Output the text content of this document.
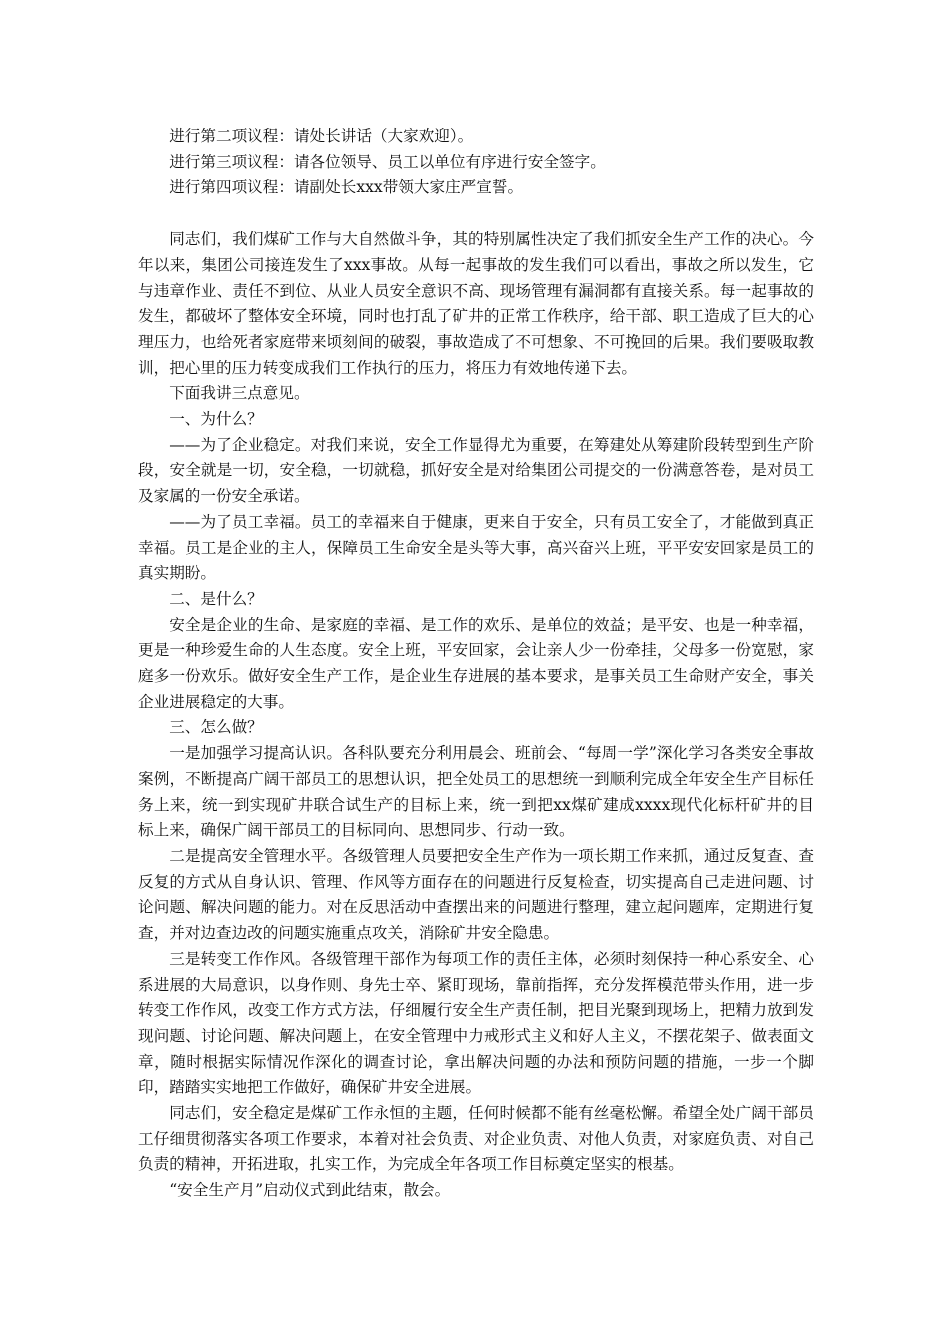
进行第二项议程：请处长讲话（大家欢迎）。

进行第三项议程：请各位领导、员工以单位有序进行安全签字。

进行第四项议程：请副处长xxx带领大家庄严宣誓。

同志们，我们煤矿工作与大自然做斗争，其的特别属性决定了我们抓安全生产工作的决心。今年以来，集团公司接连发生了xxx事故。从每一起事故的发生我们可以看出，事故之所以发生，它与违章作业、责任不到位、从业人员安全意识不高、现场管理有漏洞都有直接关系。每一起事故的发生，都破坏了整体安全环境，同时也打乱了矿井的正常工作秩序，给干部、职工造成了巨大的心理压力，也给死者家庭带来顷刻间的破裂，事故造成了不可想象、不可挽回的后果。我们要吸取教训，把心里的压力转变成我们工作执行的压力，将压力有效地传递下去。

下面我讲三点意见。

一、为什么？

——为了企业稳定。对我们来说，安全工作显得尤为重要，在筹建处从筹建阶段转型到生产阶段，安全就是一切，安全稳，一切就稳，抓好安全是对给集团公司提交的一份满意答卷，是对员工及家属的一份安全承诺。

——为了员工幸福。员工的幸福来自于健康，更来自于安全，只有员工安全了，才能做到真正幸福。员工是企业的主人，保障员工生命安全是头等大事，高兴奋兴上班，平平安安回家是员工的真实期盼。

二、是什么？

安全是企业的生命、是家庭的幸福、是工作的欢乐、是单位的效益；是平安、也是一种幸福，更是一种珍爱生命的人生态度。安全上班，平安回家，会让亲人少一份牵挂，父母多一份宽慰，家庭多一份欢乐。做好安全生产工作，是企业生存进展的基本要求，是事关员工生命财产安全，事关企业进展稳定的大事。

三、怎么做？

一是加强学习提高认识。各科队要充分利用晨会、班前会、“每周一学”深化学习各类安全事故案例，不断提高广阔干部员工的思想认识，把全处员工的思想统一到顺利完成全年安全生产目标任务上来，统一到实现矿井联合试生产的目标上来，统一到把xx煤矿建成xxxx现代化标杆矿井的目标上来，确保广阔干部员工的目标同向、思想同步、行动一致。

二是提高安全管理水平。各级管理人员要把安全生产作为一项长期工作来抓，通过反复查、查反复的方式从自身认识、管理、作风等方面存在的问题进行反复检查，切实提高自己走进问题、讨论问题、解决问题的能力。对在反思活动中查摆出来的问题进行整理，建立起问题库，定期进行复查，并对边查边改的问题实施重点攻关，消除矿井安全隐患。

三是转变工作作风。各级管理干部作为每项工作的责任主体，必须时刻保持一种心系安全、心系进展的大局意识，以身作则、身先士卒、紧盯现场，靠前指挥，充分发挥模范带头作用，进一步转变工作作风，改变工作方式方法，仔细履行安全生产责任制，把目光聚到现场上，把精力放到发现问题、讨论问题、解决问题上，在安全管理中力戒形式主义和好人主义，不摆花架子、做表面文章，随时根据实际情况作深化的调查讨论，拿出解决问题的办法和预防问题的措施，一步一个脚印，踏踏实实地把工作做好，确保矿井安全进展。

同志们，安全稳定是煤矿工作永恒的主题，任何时候都不能有丝毫松懈。希望全处广阔干部员工仔细贯彻落实各项工作要求，本着对社会负责、对企业负责、对他人负责，对家庭负责、对自己负责的精神，开拓进取，扎实工作，为完成全年各项工作目标奠定坚实的根基。

“安全生产月”启动仪式到此结束，散会。
